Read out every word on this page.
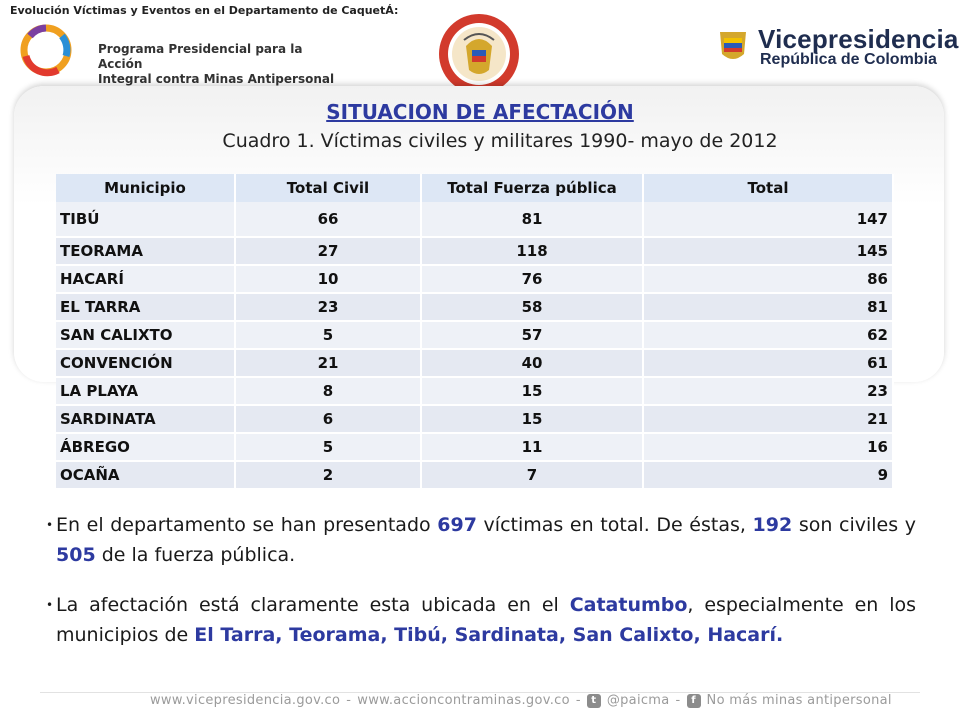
Evolución Víctimas y Eventos en el Departamento de CaquetÁ:
Programa Presidencial para la Acción
Integral contra Minas Antipersonal
Vicepresidencia
República de Colombia
SITUACION DE AFECTACIÓN
Cuadro 1. Víctimas civiles y militares 1990- mayo de 2012
Municipio	Total Civil	Total Fuerza pública	Total
TIBÚ	66	81	147
TEORAMA	27	118	145
HACARÍ	10	76	86
EL TARRA	23	58	81
SAN CALIXTO	5	57	62
CONVENCIÓN	21	40	61
LA PLAYA	8	15	23
SARDINATA	6	15	21
ÁBREGO	5	11	16
OCAÑA	2	7	9
• En el departamento se han presentado 697 víctimas en total. De éstas, 192 son civiles y 505 de la fuerza pública.
• La afectación está claramente esta ubicada en el Catatumbo, especialmente en los municipios de El Tarra, Teorama, Tibú, Sardinata, San Calixto, Hacarí.
www.vicepresidencia.gov.co - www.accioncontraminas.gov.co -	t @paicma -	f No más minas antipersonal
